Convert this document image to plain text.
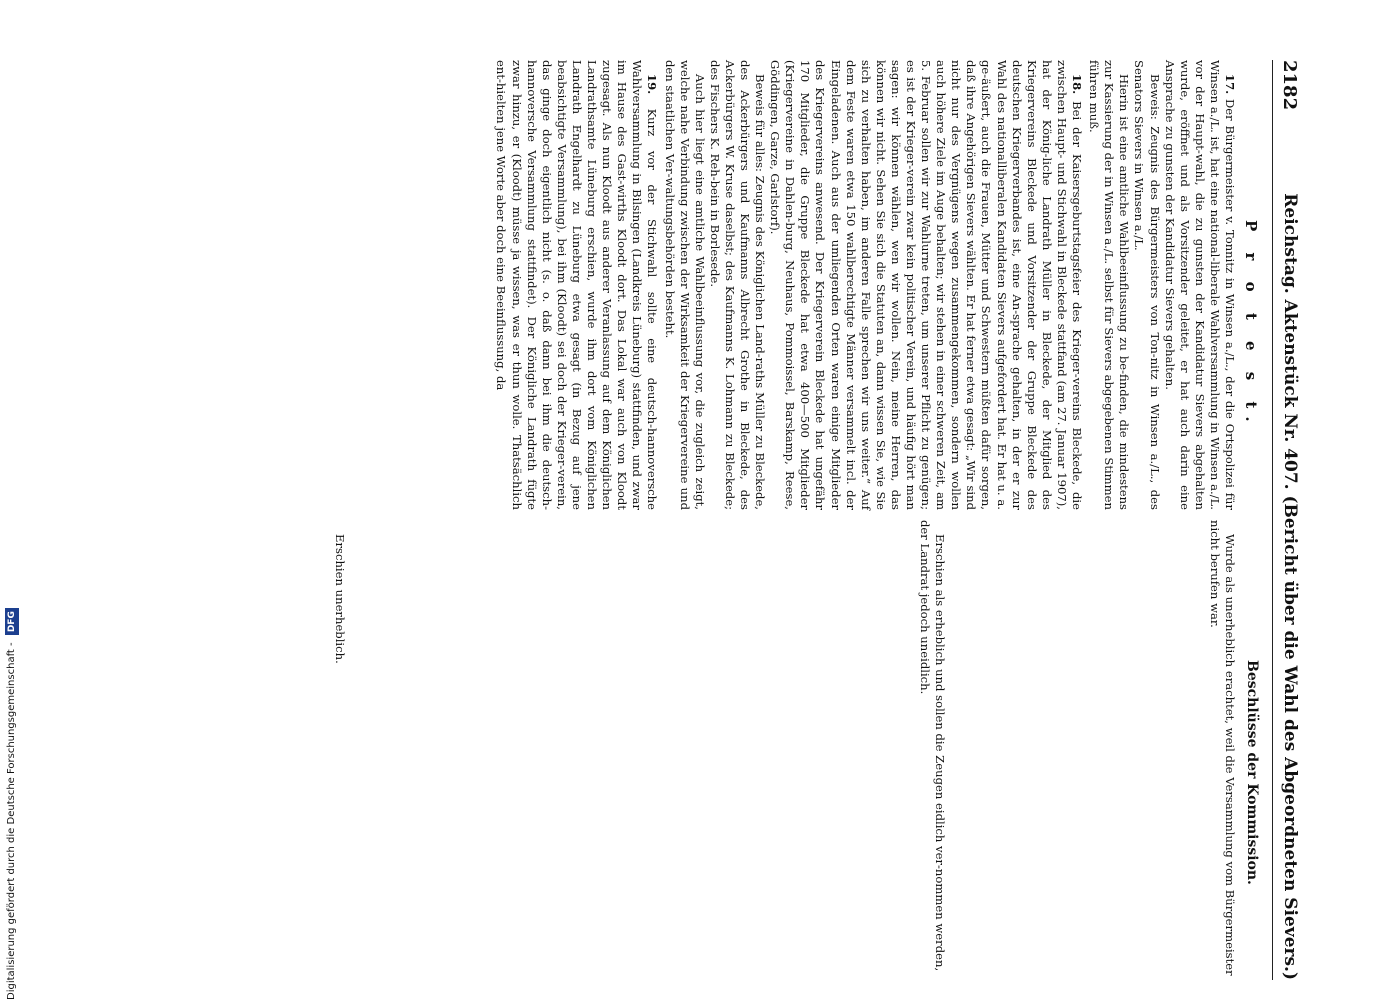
Digitalisierung gefördert durch die Deutsche Forschungsgemeinschaft - DFG
2182
Reichstag. Aktenstück Nr. 407. (Bericht über die Wahl des Abgeordneten Sievers.)
P r o t e s t.
Beschlüsse der Kommission.

17. Der Bürgermeister v. Tonnitz in Winsen a./L., der die Ortspolizei für Winsen a./L. ist, hat eine national-liberale Wahlversammlung in Winsen a./L. vor der Haupt-wahl, die zu gunsten der Kandidatur Sievers abgehalten wurde, eröffnet und als Vorsitzender geleitet, er hat auch darin eine Ansprache zu gunsten der Kandidatur Sievers gehalten.

Beweis: Zeugnis des Bürgermeisters von Ton-nitz in Winsen a./L., des Senators Sievers in Winsen a./L.

Hierin ist eine amtliche Wahlbeeinflussung zu be-finden, die mindestens zur Kassierung der in Winsen a./L. selbst für Sievers abgegebenen Stimmen führen muß.

18. Bei der Kaisersgeburtstagsfeier des Krieger-vereins Bleckede, die zwischen Haupt- und Stichwahl in Bleckede stattfand (am 27. Januar 1907), hat der König-liche Landrath Müller in Bleckede, der Mitglied des Kriegervereins Bleckede und Vorsitzender der Gruppe Bleckede des deutschen Kriegerverbandes ist, eine An-sprache gehalten, in der er zur Wahl des nationalliberalen Kandidaten Sievers aufgefordert hat. Er hat u. a. ge-äußert, auch die Frauen, Mütter und Schwestern müßten dafür sorgen, daß ihre Angehörigen Sievers wählten. Er hat ferner etwa gesagt: „Wir sind nicht nur des Vergnügens wegen zusammengekommen, sondern wollen auch höhere Ziele im Auge behalten; wir stehen in einer schweren Zeit, am 5. Februar sollen wir zur Wahlurne treten, um unserer Pflicht zu genügen; es ist der Krieger-verein zwar kein politischer Verein, und häufig hört man sagen: wir können wählen, wen wir wollen. Nein, meine Herren, das können wir nicht. Sehen Sie sich die Statuten an, dann wissen Sie, wie Sie sich zu verhalten haben, im anderen Falle sprechen wir uns weiter.“ Auf dem Feste waren etwa 150 wahlberechtigte Männer versammelt incl. der Eingeladenen. Auch aus der umliegenden Orten waren einige Mitglieder des Kriegervereins anwesend. Der Kriegerverein Bleckede hat ungefähr 170 Mitglieder, die Gruppe Bleckede hat etwa 400—500 Mitglieder (Kriegervereine in Dahlen-burg, Neuhaus, Pommoissel, Barskamp, Reese, Göddingen, Garze, Garlstorf).

Beweis für alles: Zeugnis des Königlichen Land-raths Müller zu Bleckede, des Ackerbürgers und Kaufmanns Albrecht Grothe in Bleckede, des Ackerbürgers W. Kruse daselbst; des Kaufmanns K. Lohmann zu Bleckede; des Fischers K. Reh-bein in Borlesede.

Auch hier liegt eine amtliche Wahlbeeinflussung vor, die zugleich zeigt, welche nahe Verbindung zwischen der Wirksamkeit der Kriegervereine und den staatlichen Ver-waltungsbehörden besteht.

19. Kurz vor der Stichwahl sollte eine deutsch-hannoversche Wahlversammlung in Bilsingen (Landkreis Lüneburg) stattfinden, und zwar im Hause des Gast-wirths Kloodt dort. Das Lokal war auch von Kloodt zugesagt. Als nun Kloodt aus anderer Veranlassung auf dem Königlichen Landrathsamte Lüneburg erschien, wurde ihm dort vom Königlichen Landrath Engelhardt zu Lüneburg etwa gesagt (in Bezug auf jene beabsichtigte Versammlung), bei ihm (Kloodt) sei doch der Krieger-verein, das ginge doch eigentlich nicht (s. o. daß dann bei ihm die deutsch-hannoversche Versammlung stattfindet). Der Königliche Landrath fügte zwar hinzu, er (Kloodt) müsse ja wissen, was er thun wolle. Thatsächlich ent-hielten jene Worte aber doch eine Beeinflussung, da

Wurde als unerheblich erachtet, weil die Versammlung vom Bürgermeister nicht berufen war.
Erschien als erheblich und sollen die Zeugen eidlich ver-nommen werden, der Landrat jedoch uneidlich.
Erschien unerheblich.
